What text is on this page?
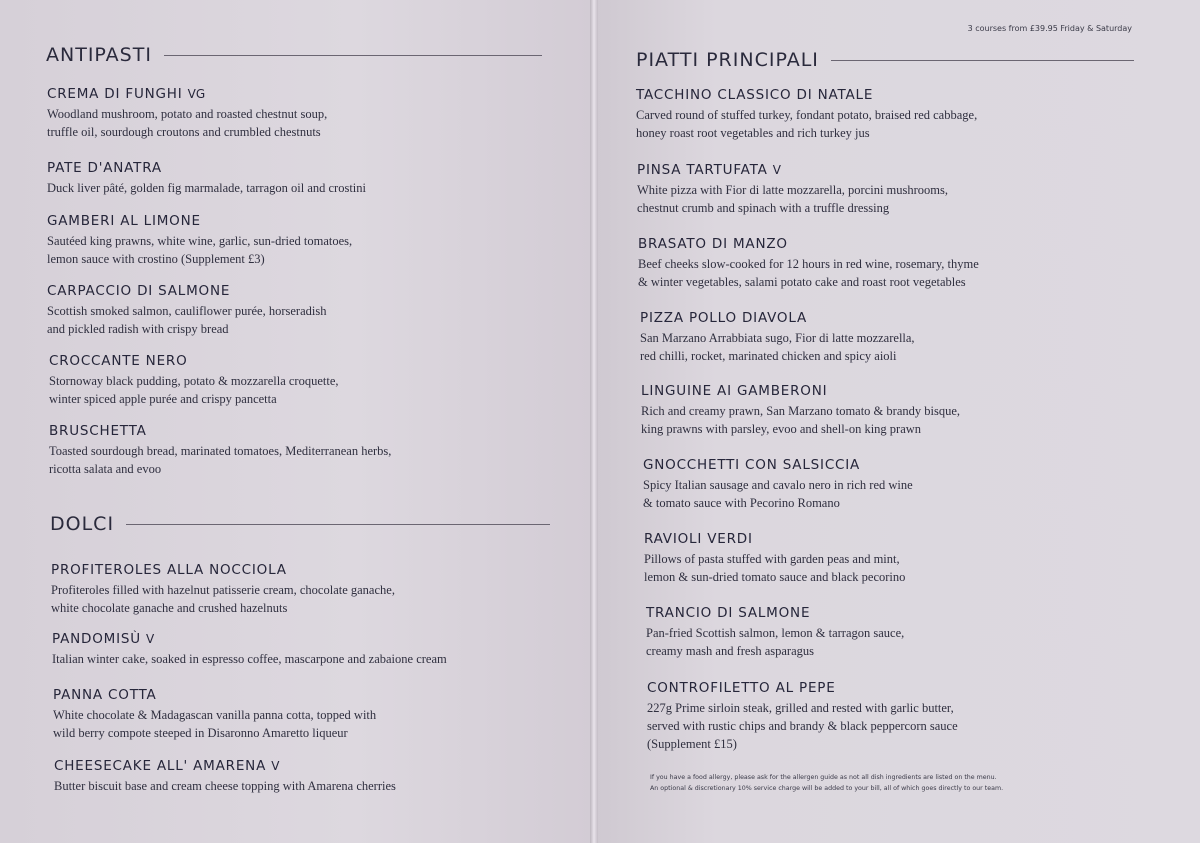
ANTIPASTI
CREMA DI FUNGHI VG
Woodland mushroom, potato and roasted chestnut soup,
truffle oil, sourdough croutons and crumbled chestnuts
PATE D'ANATRA
Duck liver pâté, golden fig marmalade, tarragon oil and crostini
GAMBERI AL LIMONE
Sautéed king prawns, white wine, garlic, sun-dried tomatoes,
lemon sauce with crostino (Supplement £3)
CARPACCIO DI SALMONE
Scottish smoked salmon, cauliflower purée, horseradish
and pickled radish with crispy bread
CROCCANTE NERO
Stornoway black pudding, potato & mozzarella croquette,
winter spiced apple purée and crispy pancetta
BRUSCHETTA
Toasted sourdough bread, marinated tomatoes, Mediterranean herbs,
ricotta salata and evoo
DOLCI
PROFITEROLES ALLA NOCCIOLA
Profiteroles filled with hazelnut patisserie cream, chocolate ganache,
white chocolate ganache and crushed hazelnuts
PANDOMISÙ V
Italian winter cake, soaked in espresso coffee, mascarpone and zabaione cream
PANNA COTTA
White chocolate & Madagascan vanilla panna cotta, topped with
wild berry compote steeped in Disaronno Amaretto liqueur
CHEESECAKE ALL' AMARENA V
Butter biscuit base and cream cheese topping with Amarena cherries
3 courses from £39.95 Friday & Saturday
PIATTI PRINCIPALI
TACCHINO CLASSICO DI NATALE
Carved round of stuffed turkey, fondant potato, braised red cabbage,
honey roast root vegetables and rich turkey jus
PINSA TARTUFATA V
White pizza with Fior di latte mozzarella, porcini mushrooms,
chestnut crumb and spinach with a truffle dressing
BRASATO DI MANZO
Beef cheeks slow-cooked for 12 hours in red wine, rosemary, thyme
& winter vegetables, salami potato cake and roast root vegetables
PIZZA POLLO DIAVOLA
San Marzano Arrabbiata sugo, Fior di latte mozzarella,
red chilli, rocket, marinated chicken and spicy aioli
LINGUINE AI GAMBERONI
Rich and creamy prawn, San Marzano tomato & brandy bisque,
king prawns with parsley, evoo and shell-on king prawn
GNOCCHETTI CON SALSICCIA
Spicy Italian sausage and cavalo nero in rich red wine
& tomato sauce with Pecorino Romano
RAVIOLI VERDI
Pillows of pasta stuffed with garden peas and mint,
lemon & sun-dried tomato sauce and black pecorino
TRANCIO DI SALMONE
Pan-fried Scottish salmon, lemon & tarragon sauce,
creamy mash and fresh asparagus
CONTROFILETTO AL PEPE
227g Prime sirloin steak, grilled and rested with garlic butter,
served with rustic chips and brandy & black peppercorn sauce
(Supplement £15)
If you have a food allergy, please ask for the allergen guide as not all dish ingredients are listed on the menu.
An optional & discretionary 10% service charge will be added to your bill, all of which goes directly to our team.
